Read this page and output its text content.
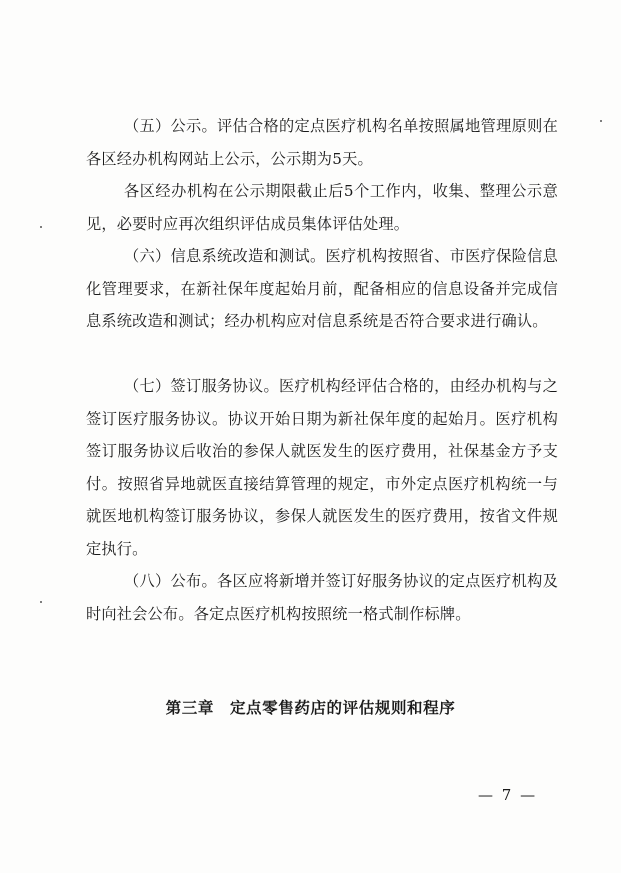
（五）公示。评估合格的定点医疗机构名单按照属地管理原则在各区经办机构网站上公示，公示期为5天。

各区经办机构在公示期限截止后5个工作内，收集、整理公示意见，必要时应再次组织评估成员集体评估处理。

（六）信息系统改造和测试。医疗机构按照省、市医疗保险信息化管理要求，在新社保年度起始月前，配备相应的信息设备并完成信息系统改造和测试；经办机构应对信息系统是否符合要求进行确认。

（七）签订服务协议。医疗机构经评估合格的，由经办机构与之签订医疗服务协议。协议开始日期为新社保年度的起始月。医疗机构签订服务协议后收治的参保人就医发生的医疗费用，社保基金方予支付。按照省异地就医直接结算管理的规定，市外定点医疗机构统一与就医地机构签订服务协议，参保人就医发生的医疗费用，按省文件规定执行。

（八）公布。各区应将新增并签订好服务协议的定点医疗机构及时向社会公布。各定点医疗机构按照统一格式制作标牌。

第三章 定点零售药店的评估规则和程序
— 7 —
